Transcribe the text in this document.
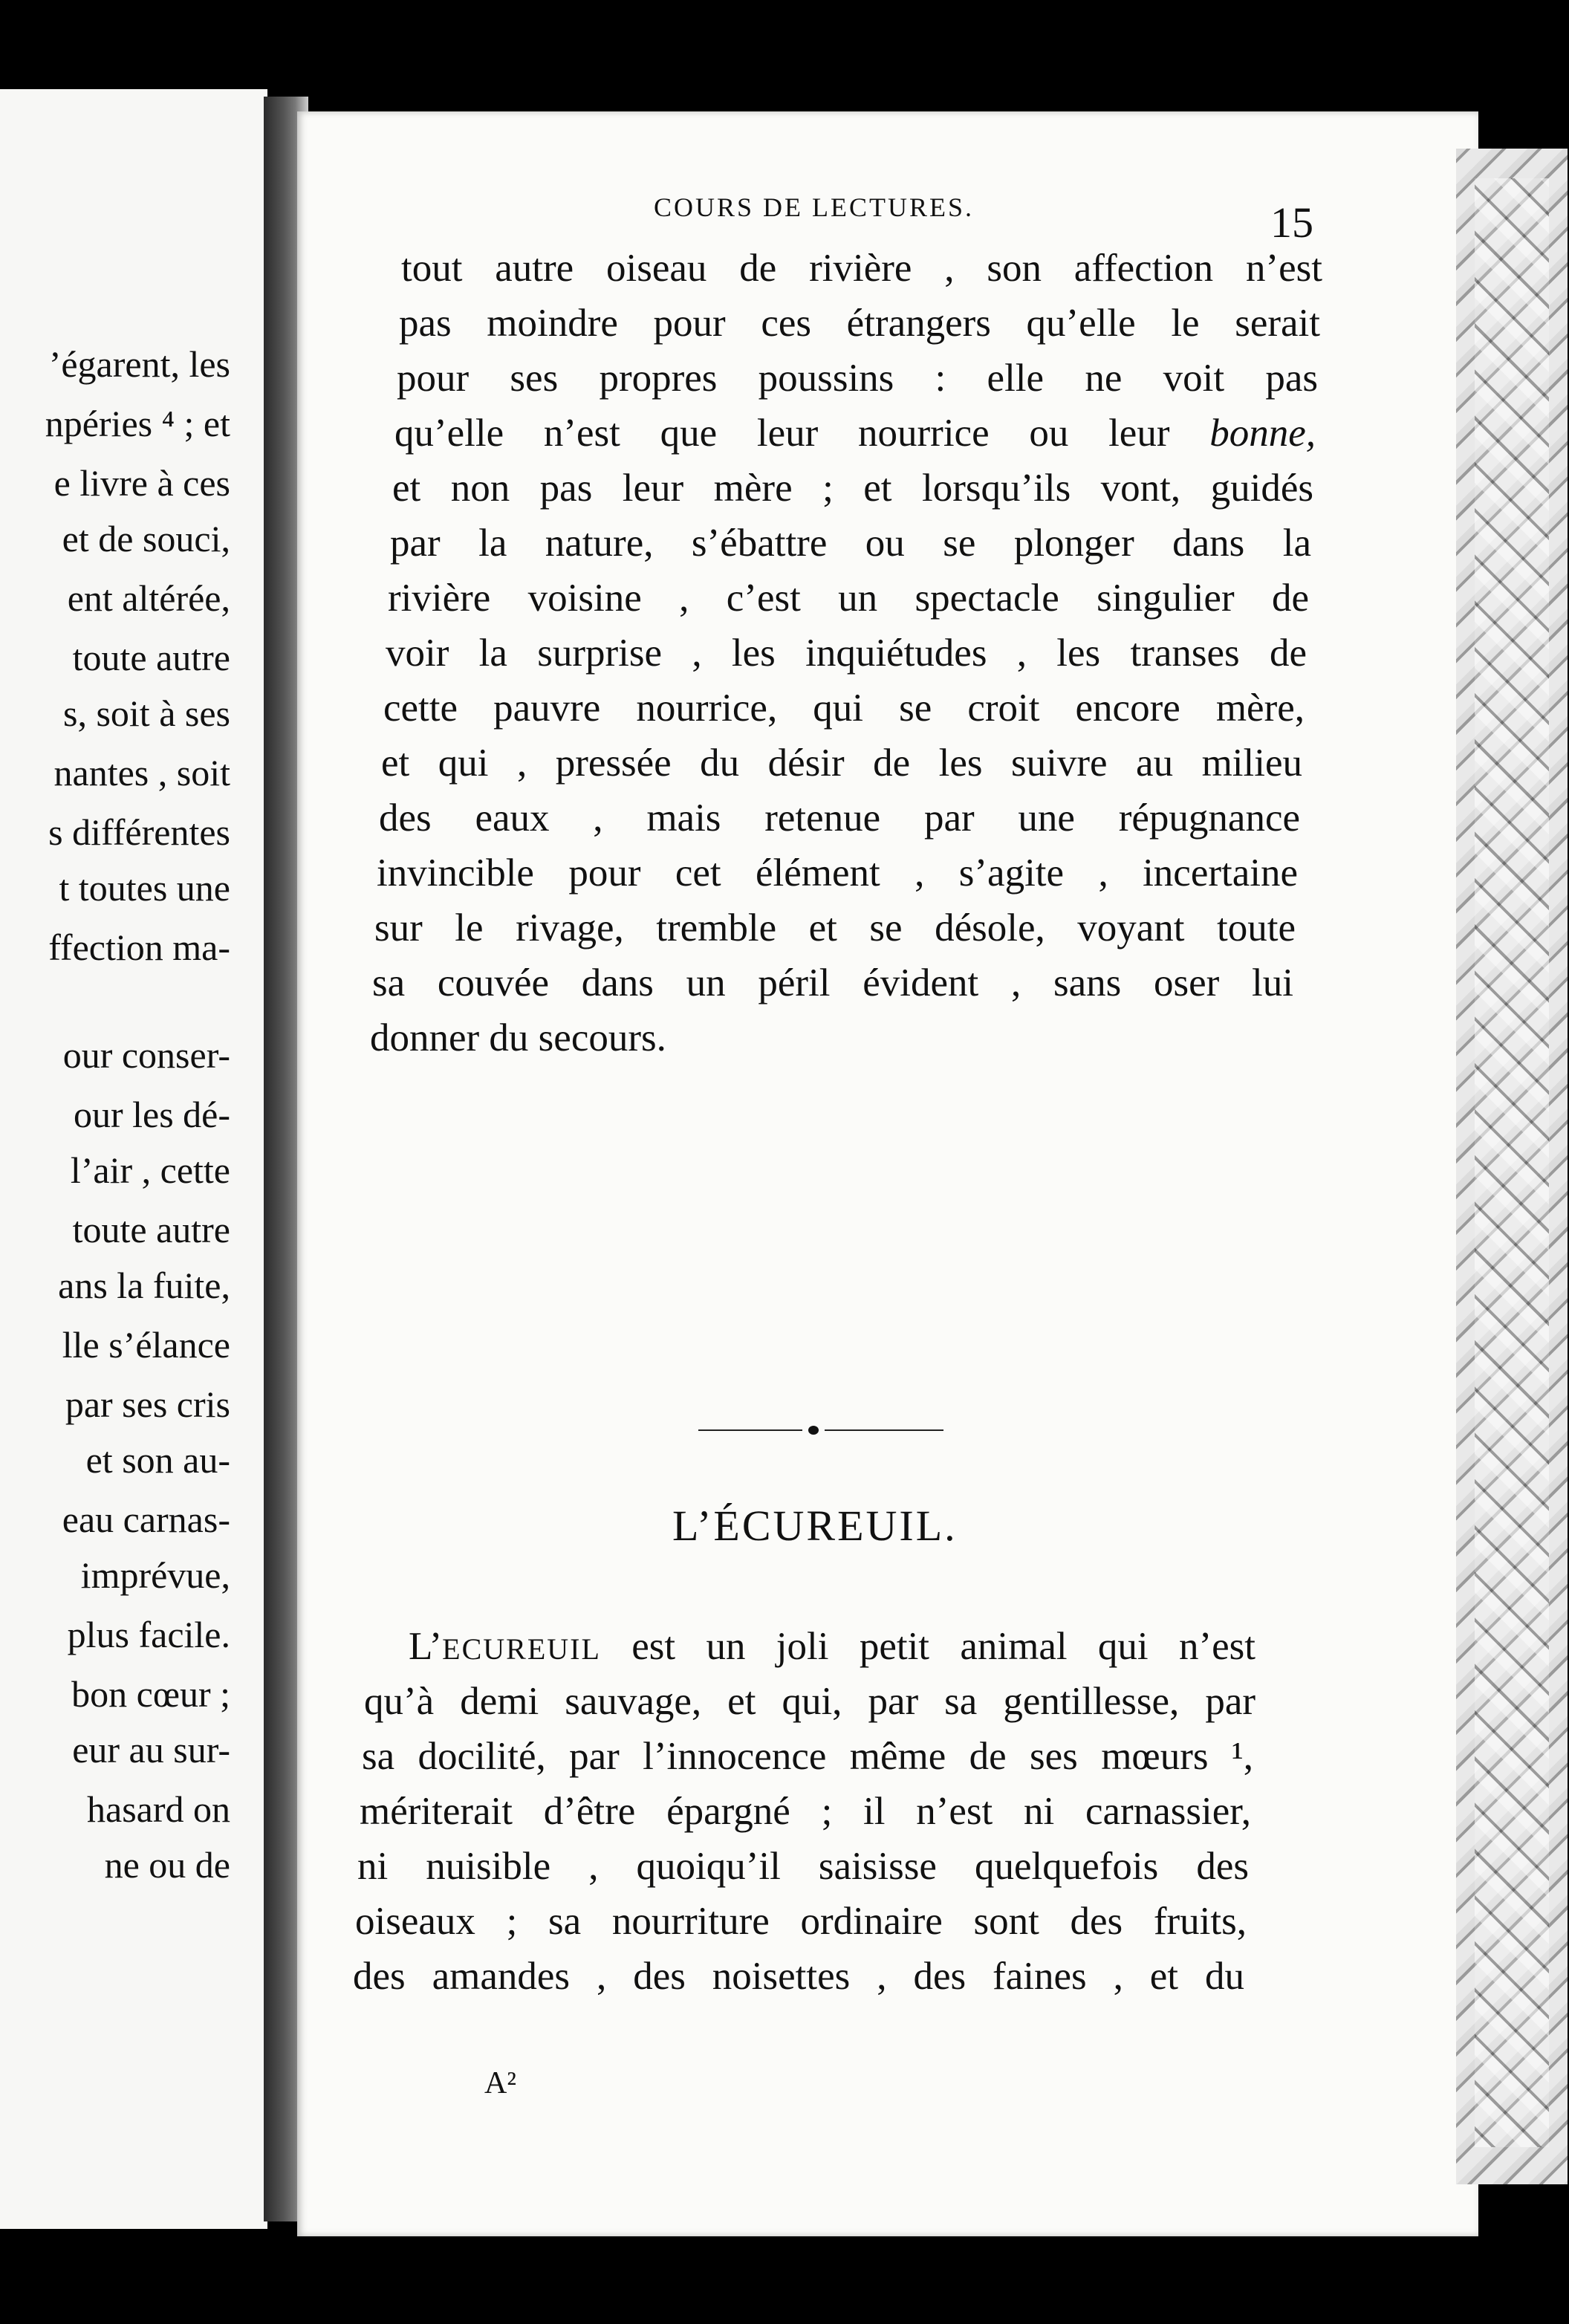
’égarent, les
npéries ⁴ ; et
e livre à ces
et de souci,
ent altérée,
toute autre
s, soit à ses
nantes , soit
s différentes
t toutes une
ffection ma-
our conser-
our les dé-
l’air , cette
toute autre
ans la fuite,
lle s’élance
par ses cris
et son au-
eau carnas-
imprévue,
plus facile.
bon cœur ;
eur au sur-
hasard on
ne ou de
COURS DE LECTURES.	15
tout autre oiseau de rivière , son affection n’est
pas moindre pour ces étrangers qu’elle le serait
pour ses propres poussins : elle ne voit pas
qu’elle n’est que leur nourrice ou leur bonne,
et non pas leur mère ; et lorsqu’ils vont, guidés
par la nature, s’ébattre ou se plonger dans la
rivière voisine , c’est un spectacle singulier de
voir la surprise , les inquiétudes , les transes de
cette pauvre nourrice, qui se croit encore mère,
et qui , pressée du désir de les suivre au milieu
des eaux , mais retenue par une répugnance
invincible pour cet élément , s’agite , incertaine
sur le rivage, tremble et se désole, voyant toute
sa couvée dans un péril évident , sans oser lui
donner du secours.
L’ÉCUREUIL.
L’ECUREUIL est un joli petit animal qui n’est
qu’à demi sauvage, et qui, par sa gentillesse, par
sa docilité, par l’innocence même de ses mœurs ¹,
mériterait d’être épargné ; il n’est ni carnassier,
ni nuisible , quoiqu’il saisisse quelquefois des
oiseaux ; sa nourriture ordinaire sont des fruits,
des amandes , des noisettes , des faines , et du
A²
